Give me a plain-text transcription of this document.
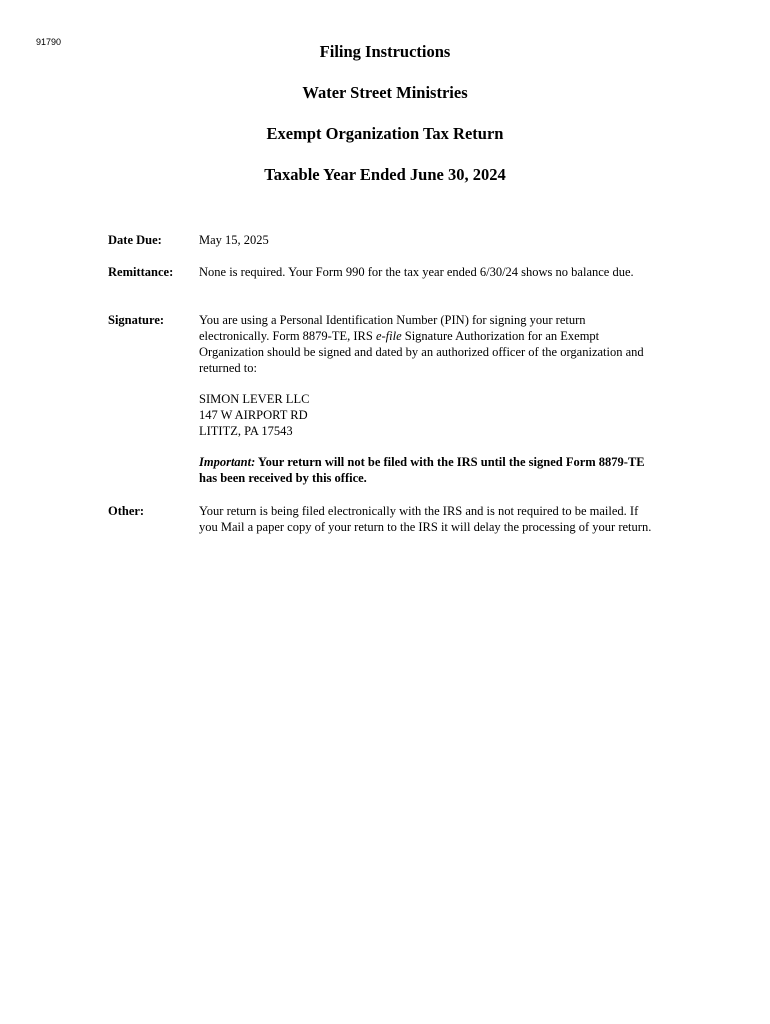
91790	Filing Instructions
Water Street Ministries
Exempt Organization Tax Return
Taxable Year Ended June 30, 2024
Date Due:	May 15, 2025
Remittance: None is required. Your Form 990 for the tax year ended 6/30/24 shows no balance due.
Signature:	You are using a Personal Identification Number (PIN) for signing your return electronically. Form 8879-TE, IRS e-file Signature Authorization for an Exempt Organization should be signed and dated by an authorized officer of the organization and returned to:

SIMON LEVER LLC
147 W AIRPORT RD
LITITZ, PA 17543

Important: Your return will not be filed with the IRS until the signed Form 8879-TE has been received by this office.

Other:	Your return is being filed electronically with the IRS and is not required to be mailed. If you Mail a paper copy of your return to the IRS it will delay the processing of your return.
